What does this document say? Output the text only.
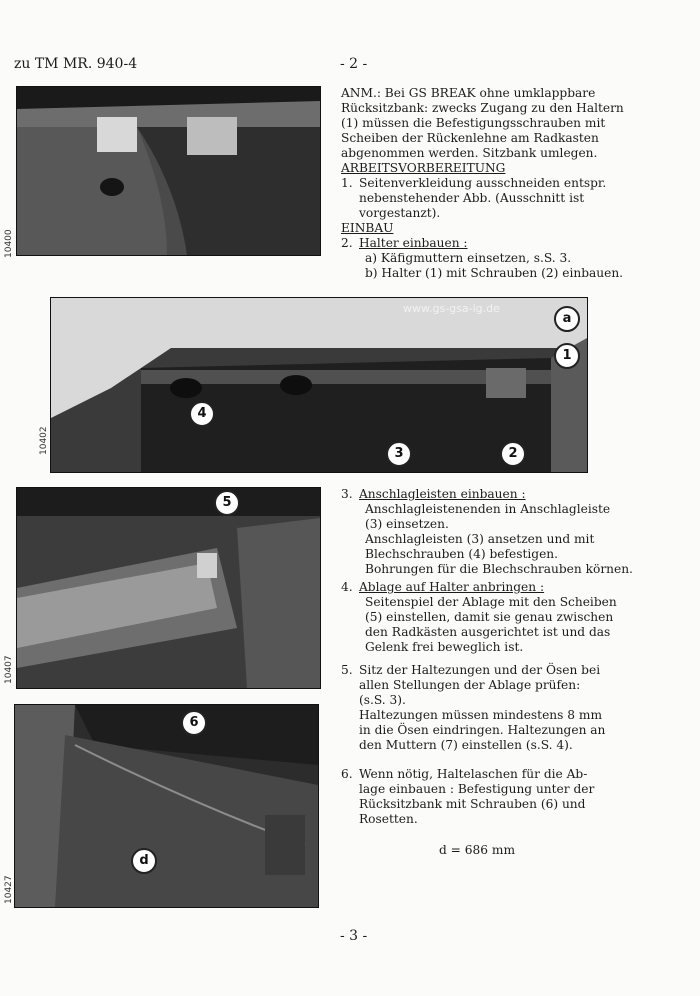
zu TM MR. 940-4	- 2 -
10400

ANM.: Bei GS BREAK ohne umklappbare

Rücksitzbank: zwecks Zugang zu den Haltern

(1) müssen die Befestigungsschrauben mit

Scheiben der Rückenlehne am Radkasten

abgenommen werden. Sitzbank umlegen.

ARBEITSVORBEREITUNG

1. Seitenverkleidung ausschneiden entspr.

nebenstehender Abb. (Ausschnitt ist

vorgestanzt).

EINBAU

2. Halter einbauen :

a) Käfigmuttern einsetzen, s.S. 3.

b) Halter (1) mit Schrauben (2) einbauen.

www.gs-gsa-ig.de
a
1
4
3	2
10402
5
10407

3. Anschlagleisten einbauen :

Anschlagleistenenden in Anschlagleiste

(3) einsetzen.

Anschlagleisten (3) ansetzen und mit

Blechschrauben (4) befestigen.

Bohrungen für die Blechschrauben körnen.

4. Ablage auf Halter anbringen :

Seitenspiel der Ablage mit den Scheiben

(5) einstellen, damit sie genau zwischen

den Radkästen ausgerichtet ist und das

Gelenk frei beweglich ist.

5. Sitz der Haltezungen und der Ösen bei

allen Stellungen der Ablage prüfen:

(s.S. 3).

Haltezungen müssen mindestens 8 mm

in die Ösen eindringen. Haltezungen an

den Muttern (7) einstellen (s.S. 4).

6. Wenn nötig, Haltelaschen für die Ab-

lage einbauen : Befestigung unter der

Rücksitzbank mit Schrauben (6) und

Rosetten.

d = 686 mm
6
d
10427
- 3 -
